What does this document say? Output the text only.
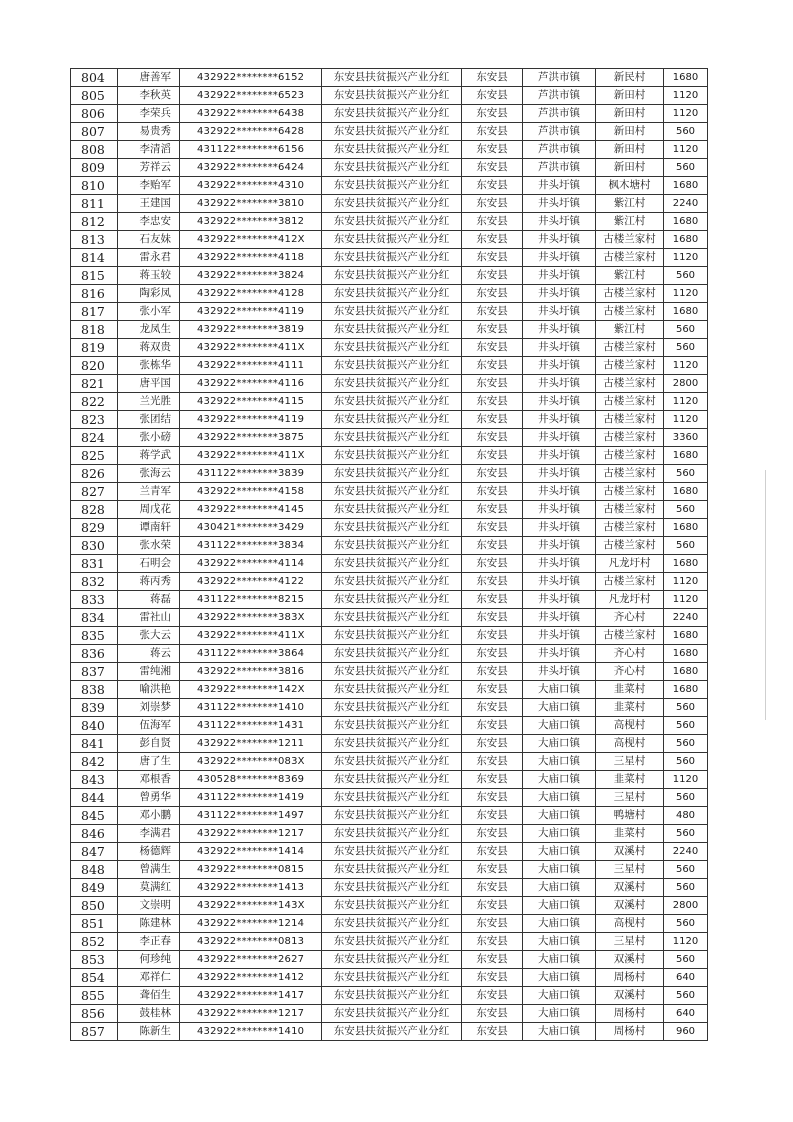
804	唐善军	432922********6152	东安县扶贫振兴产业分红	东安县	芦洪市镇	新民村	1680
805	李秋英	432922********6523	东安县扶贫振兴产业分红	东安县	芦洪市镇	新田村	1120
806	李荣兵	432922********6438	东安县扶贫振兴产业分红	东安县	芦洪市镇	新田村	1120
807	易贵秀	432922********6428	东安县扶贫振兴产业分红	东安县	芦洪市镇	新田村	560
808	李清滔	431122********6156	东安县扶贫振兴产业分红	东安县	芦洪市镇	新田村	1120
809	芳祥云	432922********6424	东安县扶贫振兴产业分红	东安县	芦洪市镇	新田村	560
810	李贻军	432922********4310	东安县扶贫振兴产业分红	东安县	井头圩镇	枫木塘村	1680
811	王建国	432922********3810	东安县扶贫振兴产业分红	东安县	井头圩镇	紫江村	2240
812	李忠安	432922********3812	东安县扶贫振兴产业分红	东安县	井头圩镇	紫江村	1680
813	石友妹	432922********412X	东安县扶贫振兴产业分红	东安县	井头圩镇	古楼兰家村	1680
814	雷永君	432922********4118	东安县扶贫振兴产业分红	东安县	井头圩镇	古楼兰家村	1120
815	蒋玉较	432922********3824	东安县扶贫振兴产业分红	东安县	井头圩镇	紫江村	560
816	陶彩凤	432922********4128	东安县扶贫振兴产业分红	东安县	井头圩镇	古楼兰家村	1120
817	张小军	432922********4119	东安县扶贫振兴产业分红	东安县	井头圩镇	古楼兰家村	1680
818	龙凤生	432922********3819	东安县扶贫振兴产业分红	东安县	井头圩镇	紫江村	560
819	蒋双贵	432922********411X	东安县扶贫振兴产业分红	东安县	井头圩镇	古楼兰家村	560
820	张栋华	432922********4111	东安县扶贫振兴产业分红	东安县	井头圩镇	古楼兰家村	1120
821	唐平国	432922********4116	东安县扶贫振兴产业分红	东安县	井头圩镇	古楼兰家村	2800
822	兰光胜	432922********4115	东安县扶贫振兴产业分红	东安县	井头圩镇	古楼兰家村	1120
823	张团结	432922********4119	东安县扶贫振兴产业分红	东安县	井头圩镇	古楼兰家村	1120
824	张小磅	432922********3875	东安县扶贫振兴产业分红	东安县	井头圩镇	古楼兰家村	3360
825	蒋学武	432922********411X	东安县扶贫振兴产业分红	东安县	井头圩镇	古楼兰家村	1680
826	张海云	431122********3839	东安县扶贫振兴产业分红	东安县	井头圩镇	古楼兰家村	560
827	兰青军	432922********4158	东安县扶贫振兴产业分红	东安县	井头圩镇	古楼兰家村	1680
828	周戊花	432922********4145	东安县扶贫振兴产业分红	东安县	井头圩镇	古楼兰家村	560
829	谭南轩	430421********3429	东安县扶贫振兴产业分红	东安县	井头圩镇	古楼兰家村	1680
830	张水荣	431122********3834	东安县扶贫振兴产业分红	东安县	井头圩镇	古楼兰家村	560
831	石明会	432922********4114	东安县扶贫振兴产业分红	东安县	井头圩镇	凡龙圩村	1680
832	蒋丙秀	432922********4122	东安县扶贫振兴产业分红	东安县	井头圩镇	古楼兰家村	1120
833	蒋磊	431122********8215	东安县扶贫振兴产业分红	东安县	井头圩镇	凡龙圩村	1120
834	雷社山	432922********383X	东安县扶贫振兴产业分红	东安县	井头圩镇	齐心村	2240
835	张大云	432922********411X	东安县扶贫振兴产业分红	东安县	井头圩镇	古楼兰家村	1680
836	蒋云	431122********3864	东安县扶贫振兴产业分红	东安县	井头圩镇	齐心村	1680
837	雷纯湘	432922********3816	东安县扶贫振兴产业分红	东安县	井头圩镇	齐心村	1680
838	喻洪艳	432922********142X	东安县扶贫振兴产业分红	东安县	大庙口镇	韭菜村	1680
839	刘崇梦	431122********1410	东安县扶贫振兴产业分红	东安县	大庙口镇	韭菜村	560
840	伍海军	431122********1431	东安县扶贫振兴产业分红	东安县	大庙口镇	高枧村	560
841	彭自贤	432922********1211	东安县扶贫振兴产业分红	东安县	大庙口镇	高枧村	560
842	唐了生	432922********083X	东安县扶贫振兴产业分红	东安县	大庙口镇	三星村	560
843	邓根香	430528********8369	东安县扶贫振兴产业分红	东安县	大庙口镇	韭菜村	1120
844	曾勇华	431122********1419	东安县扶贫振兴产业分红	东安县	大庙口镇	三星村	560
845	邓小鹏	431122********1497	东安县扶贫振兴产业分红	东安县	大庙口镇	鸭塘村	480
846	李满君	432922********1217	东安县扶贫振兴产业分红	东安县	大庙口镇	韭菜村	560
847	杨德辉	432922********1414	东安县扶贫振兴产业分红	东安县	大庙口镇	双溪村	2240
848	曾满生	432922********0815	东安县扶贫振兴产业分红	东安县	大庙口镇	三星村	560
849	莫满红	432922********1413	东安县扶贫振兴产业分红	东安县	大庙口镇	双溪村	560
850	文崇明	432922********143X	东安县扶贫振兴产业分红	东安县	大庙口镇	双溪村	2800
851	陈建林	432922********1214	东安县扶贫振兴产业分红	东安县	大庙口镇	高枧村	560
852	李正春	432922********0813	东安县扶贫振兴产业分红	东安县	大庙口镇	三星村	1120
853	何珍纯	432922********2627	东安县扶贫振兴产业分红	东安县	大庙口镇	双溪村	560
854	邓祥仁	432922********1412	东安县扶贫振兴产业分红	东安县	大庙口镇	周杨村	640
855	聋佰生	432922********1417	东安县扶贫振兴产业分红	东安县	大庙口镇	双溪村	560
856	鼓桂林	432922********1217	东安县扶贫振兴产业分红	东安县	大庙口镇	周杨村	640
857	陈新生	432922********1410	东安县扶贫振兴产业分红	东安县	大庙口镇	周杨村	960
